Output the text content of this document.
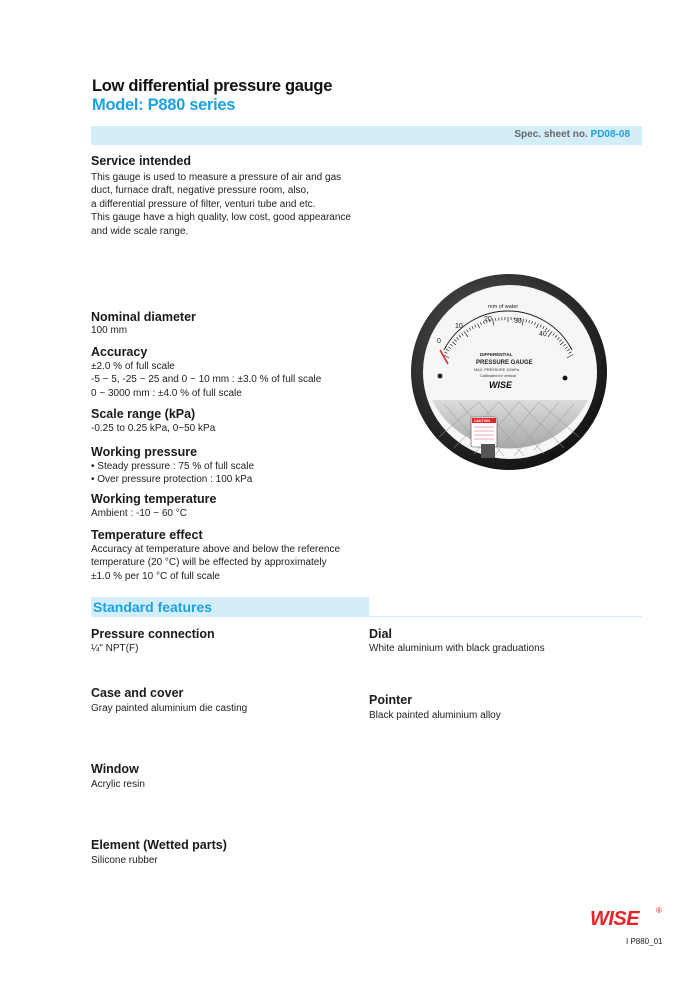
Low differential pressure gauge
Model: P880 series
Spec. sheet no. PD08-08
Service intended
This gauge is used to measure a pressure of air and gas
duct, furnace draft, negative pressure room, also,
a differential pressure of filter, venturi tube and etc.
This gauge have a high quality, low cost, good appearance
and wide scale range.
Nominal diameter
100 mm
Accuracy
±2.0 % of full scale
-5 ~ 5, -25 ~ 25 and 0 ~ 10 mm : ±3.0 % of full scale
0 ~ 3000 mm : ±4.0 % of full scale
Scale range (kPa)
-0.25 to 0.25 kPa, 0~50 kPa
Working pressure
• Steady pressure : 75 % of full scale
• Over pressure protection : 100 kPa
Working temperature
Ambient : -10 ~ 60 °C
Temperature effect
Accuracy at temperature above and below the reference
temperature (20 °C) will be effected by approximately
±1.0 % per 10 °C of full scale
mm of water
0
10
20	30
40
DIFFERENTIAL
PRESSURE GAUGE
MAX. PRESSURE 100kPa
Calibrated for vertical
WISE
CAUTION
Standard features
Pressure connection
¼" NPT(F)
Case and cover
Gray painted aluminium die casting
Window
Acrylic resin
Element (Wetted parts)
Silicone rubber
Dial
White aluminium with black graduations
Pointer
Black painted aluminium alloy
WISE ®
I P880_01
